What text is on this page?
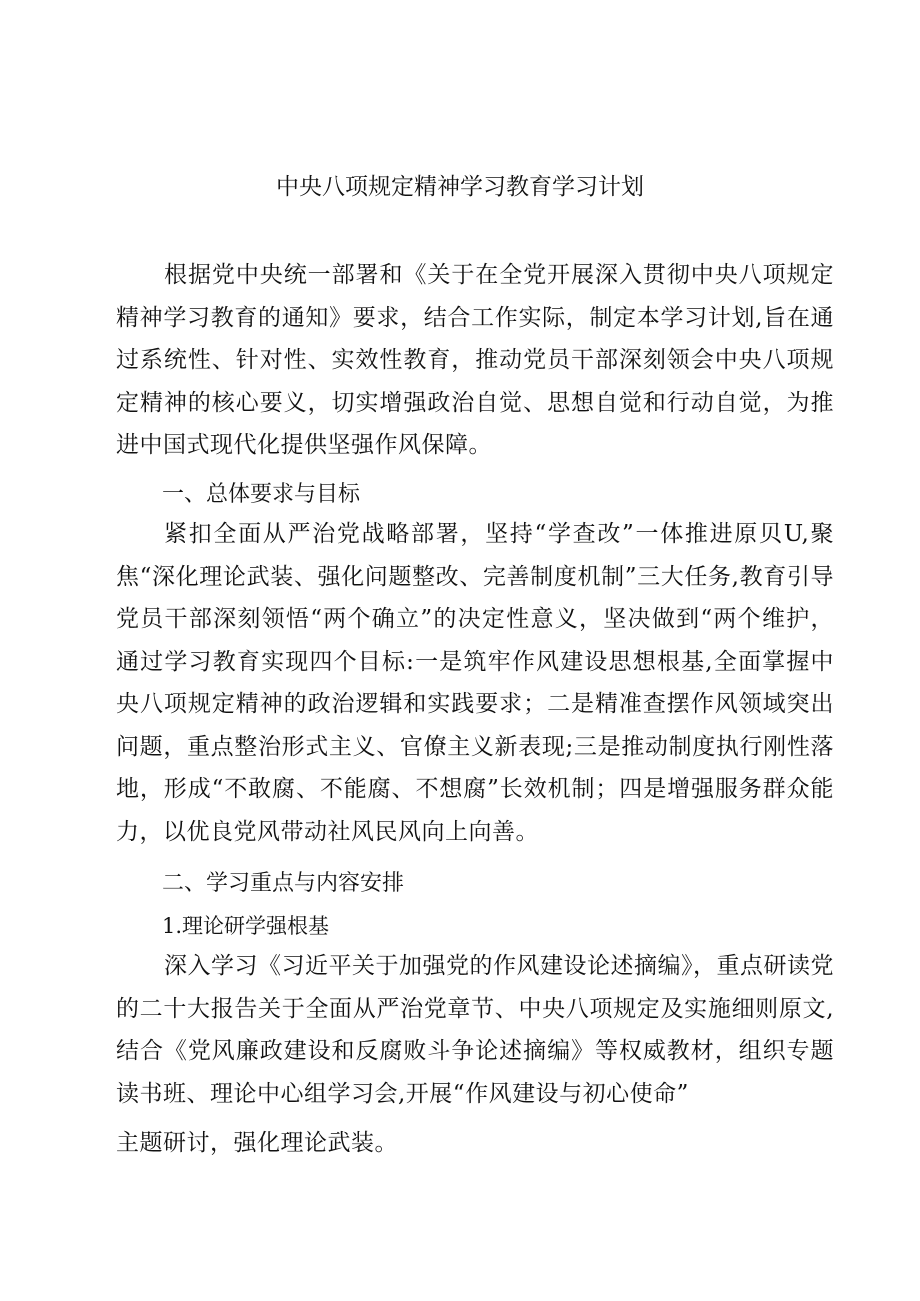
中央八项规定精神学习教育学习计划

根据党中央统一部署和《关于在全党开展深入贯彻中央八项规定精神学习教育的通知》要求，结合工作实际，制定本学习计划,旨在通过系统性、针对性、实效性教育，推动党员干部深刻领会中央八项规定精神的核心要义，切实增强政治自觉、思想自觉和行动自觉，为推进中国式现代化提供坚强作风保障。

一、总体要求与目标

紧扣全面从严治党战略部署，坚持“学查改”一体推进原贝U,聚焦“深化理论武装、强化问题整改、完善制度机制”三大任务,教育引导党员干部深刻领悟“两个确立”的决定性意义，坚决做到“两个维护，通过学习教育实现四个目标:一是筑牢作风建设思想根基,全面掌握中央八项规定精神的政治逻辑和实践要求；二是精准查摆作风领域突出问题，重点整治形式主义、官僚主义新表现;三是推动制度执行刚性落地，形成“不敢腐、不能腐、不想腐”长效机制；四是增强服务群众能力，以优良党风带动社风民风向上向善。

二、学习重点与内容安排
1.理论研学强根基

深入学习《习近平关于加强党的作风建设论述摘编》，重点研读党的二十大报告关于全面从严治党章节、中央八项规定及实施细则原文,结合《党风廉政建设和反腐败斗争论述摘编》等权威教材，组织专题读书班、理论中心组学习会,开展“作风建设与初心使命”

主题研讨，强化理论武装。
